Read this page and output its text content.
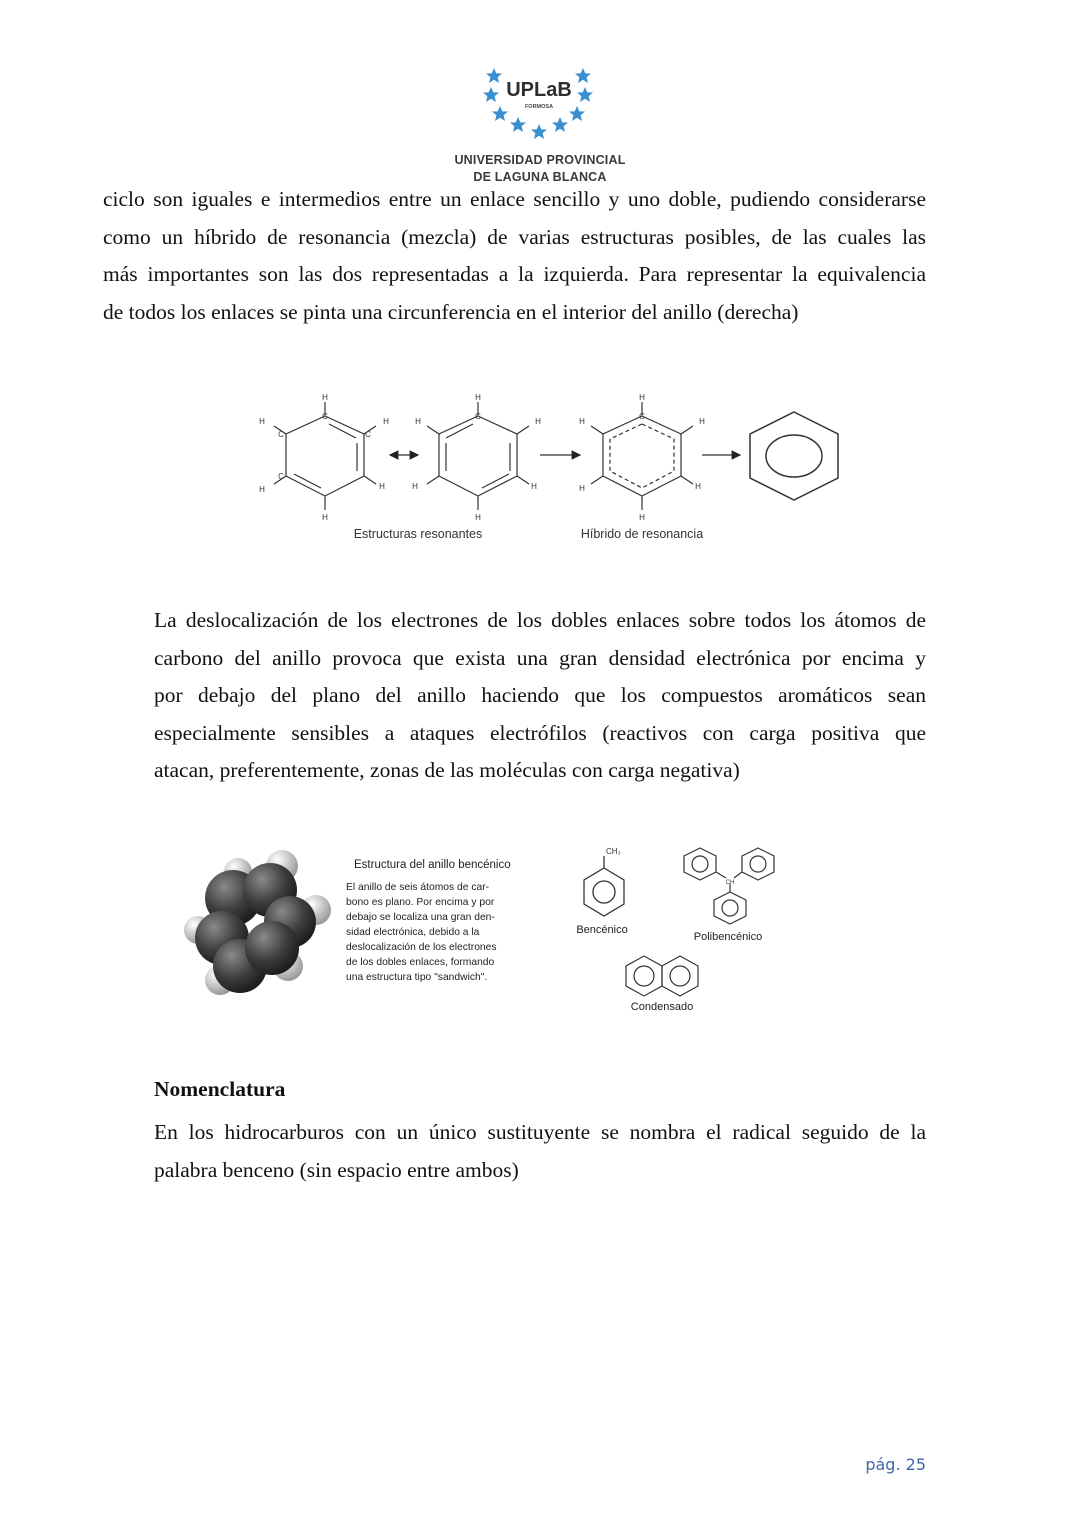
UPLaB
FORMOSA
UNIVERSIDAD PROVINCIAL
DE LAGUNA BLANCA
ciclo son iguales e intermedios entre un enlace sencillo y uno doble, pudiendo considerarse
como un híbrido de resonancia (mezcla) de varias estructuras posibles, de las cuales las
más importantes son las dos representadas a la izquierda. Para representar la equivalencia
de todos los enlaces se pinta una circunferencia en el interior del anillo (derecha)
H
C
H
C
H
C
H
C
H
H
H
C
H	H
H	H
H
H
C
H	H
H	H
H
Estructuras resonantes	Híbrido de resonancia
La deslocalización de los electrones de los dobles enlaces sobre todos los átomos de
carbono del anillo provoca que exista una gran densidad electrónica por encima y
por debajo del plano del anillo haciendo que los compuestos aromáticos sean
especialmente sensibles a ataques electrófilos (reactivos con carga positiva que
atacan, preferentemente, zonas de las moléculas con carga negativa)
Estructura del anillo bencénico
El anillo de seis átomos de car-
bono es plano. Por encima y por
debajo se localiza una gran den-
sidad electrónica, debido a la
deslocalización de los electrones
de los dobles enlaces, formando
una estructura tipo "sandwich".
CH₃
Bencénico
CH
Polibencénico
Condensado
Nomenclatura
En los hidrocarburos con un único sustituyente se nombra el radical seguido de la
palabra benceno (sin espacio entre ambos)
pág. 25
